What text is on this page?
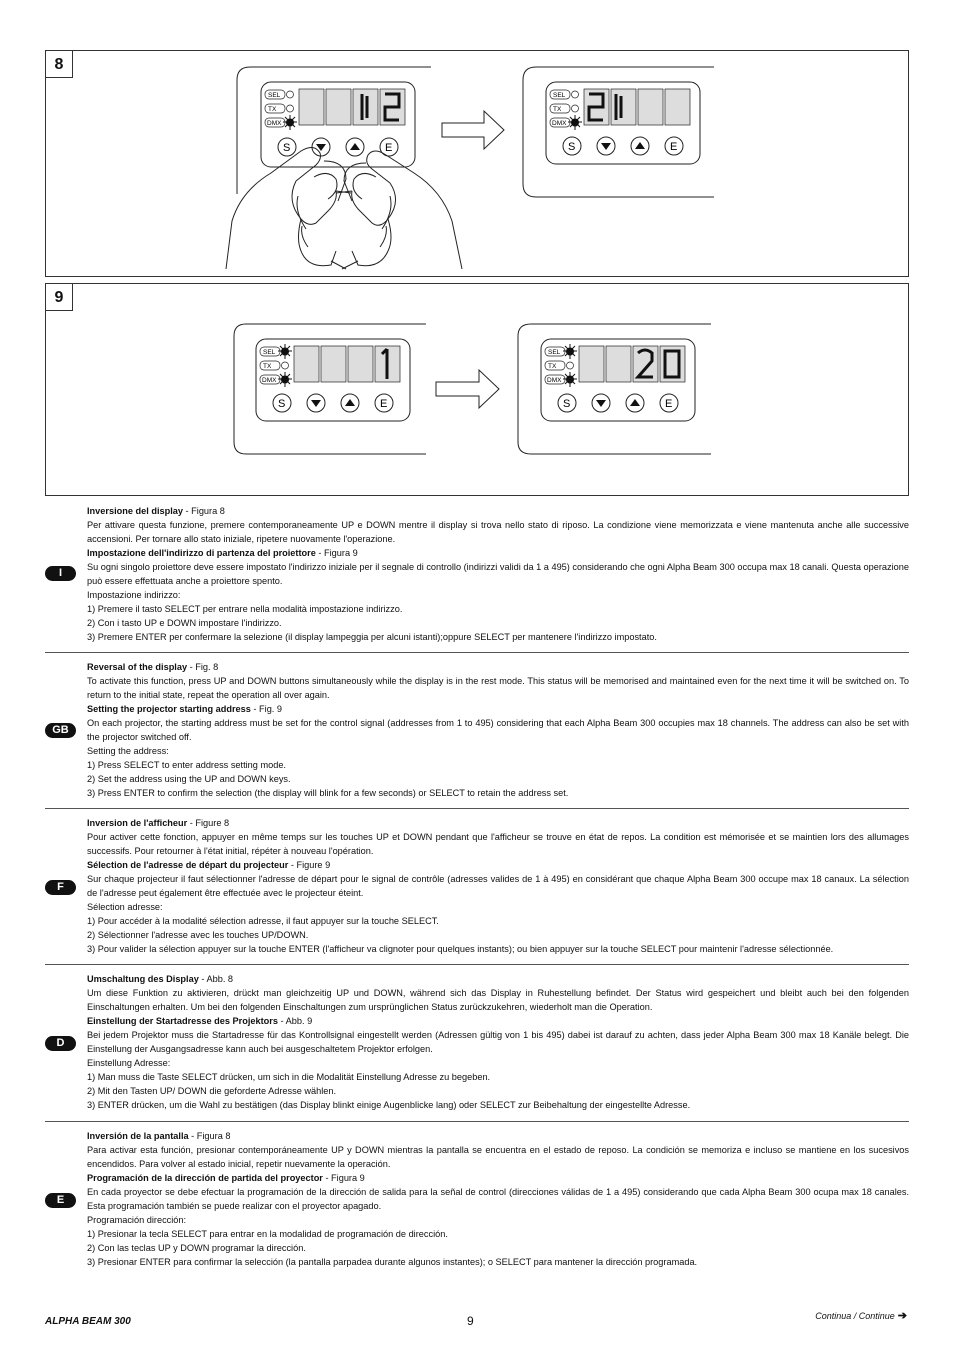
8
SEL
TX
DMX
S	E
SEL
TX
DMX
S	E
9
SEL
TX
DMX
S	E
SEL
TX
DMX
S	E
I

Inversione del display - Figura 8

Per attivare questa funzione, premere contemporaneamente UP e DOWN mentre il display si trova nello stato di riposo. La condizione viene memorizzata e viene mantenuta anche alle successive accensioni. Per tornare allo stato iniziale, ripetere nuovamente l'operazione.

Impostazione dell'indirizzo di partenza del proiettore - Figura 9

Su ogni singolo proiettore deve essere impostato l'indirizzo iniziale per il segnale di controllo (indirizzi validi da 1 a 495) considerando che ogni Alpha Beam 300 occupa max 18 canali. Questa operazione può essere effettuata anche a proiettore spento.

Impostazione indirizzo:

1) Premere il tasto SELECT per entrare nella modalità impostazione indirizzo.

2) Con i tasto UP e DOWN impostare l'indirizzo.

3) Premere ENTER per confermare la selezione (il display lampeggia per alcuni istanti);oppure SELECT per mantenere l'indirizzo impostato.

GB

Reversal of the display - Fig. 8

To activate this function, press UP and DOWN buttons simultaneously while the display is in the rest mode. This status will be memorised and maintained even for the next time it will be switched on. To return to the initial state, repeat the operation all over again.

Setting the projector starting address - Fig. 9

On each projector, the starting address must be set for the control signal (addresses from 1 to 495) considering that each Alpha Beam 300 occupies max 18 channels. The address can also be set with the projector switched off.

Setting the address:

1) Press SELECT to enter address setting mode.

2) Set the address using the UP and DOWN keys.

3) Press ENTER to confirm the selection (the display will blink for a few seconds) or SELECT to retain the address set.

F

Inversion de l'afficheur - Figure 8

Pour activer cette fonction, appuyer en même temps sur les touches UP et DOWN pendant que l'afficheur se trouve en état de repos. La condition est mémorisée et se maintien lors des allumages successifs. Pour retourner à l'état initial, répéter à nouveau l'opération.

Sélection de l'adresse de départ du projecteur - Figure 9

Sur chaque projecteur il faut sélectionner l'adresse de départ pour le signal de contrôle (adresses valides de 1 à 495) en considérant que chaque Alpha Beam 300 occupe max 18 canaux. La sélection de l'adresse peut également être effectuée avec le projecteur éteint.

Sélection adresse:

1) Pour accéder à la modalité sélection adresse, il faut appuyer sur la touche SELECT.

2) Sélectionner l'adresse avec les touches UP/DOWN.

3) Pour valider la sélection appuyer sur la touche ENTER (l'afficheur va clignoter pour quelques instants); ou bien appuyer sur la touche SELECT pour maintenir l'adresse sélectionnée.

D

Umschaltung des Display - Abb. 8

Um diese Funktion zu aktivieren, drückt man gleichzeitig UP und DOWN, während sich das Display in Ruhestellung befindet. Der Status wird gespeichert und bleibt auch bei den folgenden Einschaltungen erhalten. Um bei den folgenden Einschaltungen zum ursprünglichen Status zurückzukehren, wiederholt man die Operation.

Einstellung der Startadresse des Projektors - Abb. 9

Bei jedem Projektor muss die Startadresse für das Kontrollsignal eingestellt werden (Adressen gültig von 1 bis 495) dabei ist darauf zu achten, dass jeder Alpha Beam 300 max 18 Kanäle belegt. Die Einstellung der Ausgangsadresse kann auch bei ausgeschaltetem Projektor erfolgen.

Einstellung Adresse:

1) Man muss die Taste SELECT drücken, um sich in die Modalität Einstellung Adresse zu begeben.

2) Mit den Tasten UP/ DOWN die geforderte Adresse wählen.

3) ENTER drücken, um die Wahl zu bestätigen (das Display blinkt einige Augenblicke lang) oder SELECT zur Beibehaltung der eingestellte Adresse.

E

Inversión de la pantalla - Figura 8

Para activar esta función, presionar contemporáneamente UP y DOWN mientras la pantalla se encuentra en el estado de reposo. La condición se memoriza e incluso se mantiene en los sucesivos encendidos. Para volver al estado inicial, repetir nuevamente la operación.

Programación de la dirección de partida del proyector - Figura 9

En cada proyector se debe efectuar la programación de la dirección de salida para la señal de control (direcciones válidas de 1 a 495) considerando que cada Alpha Beam 300 ocupa max 18 canales. Esta programación también se puede realizar con el proyector apagado.

Programación dirección:

1) Presionar la tecla SELECT para entrar en la modalidad de programación de dirección.

2) Con las teclas UP y DOWN programar la dirección.

3) Presionar ENTER para confirmar la selección (la pantalla parpadea durante algunos instantes); o SELECT para mantener la dirección programada.

ALPHA BEAM 300	9	Continua / Continue ➔
